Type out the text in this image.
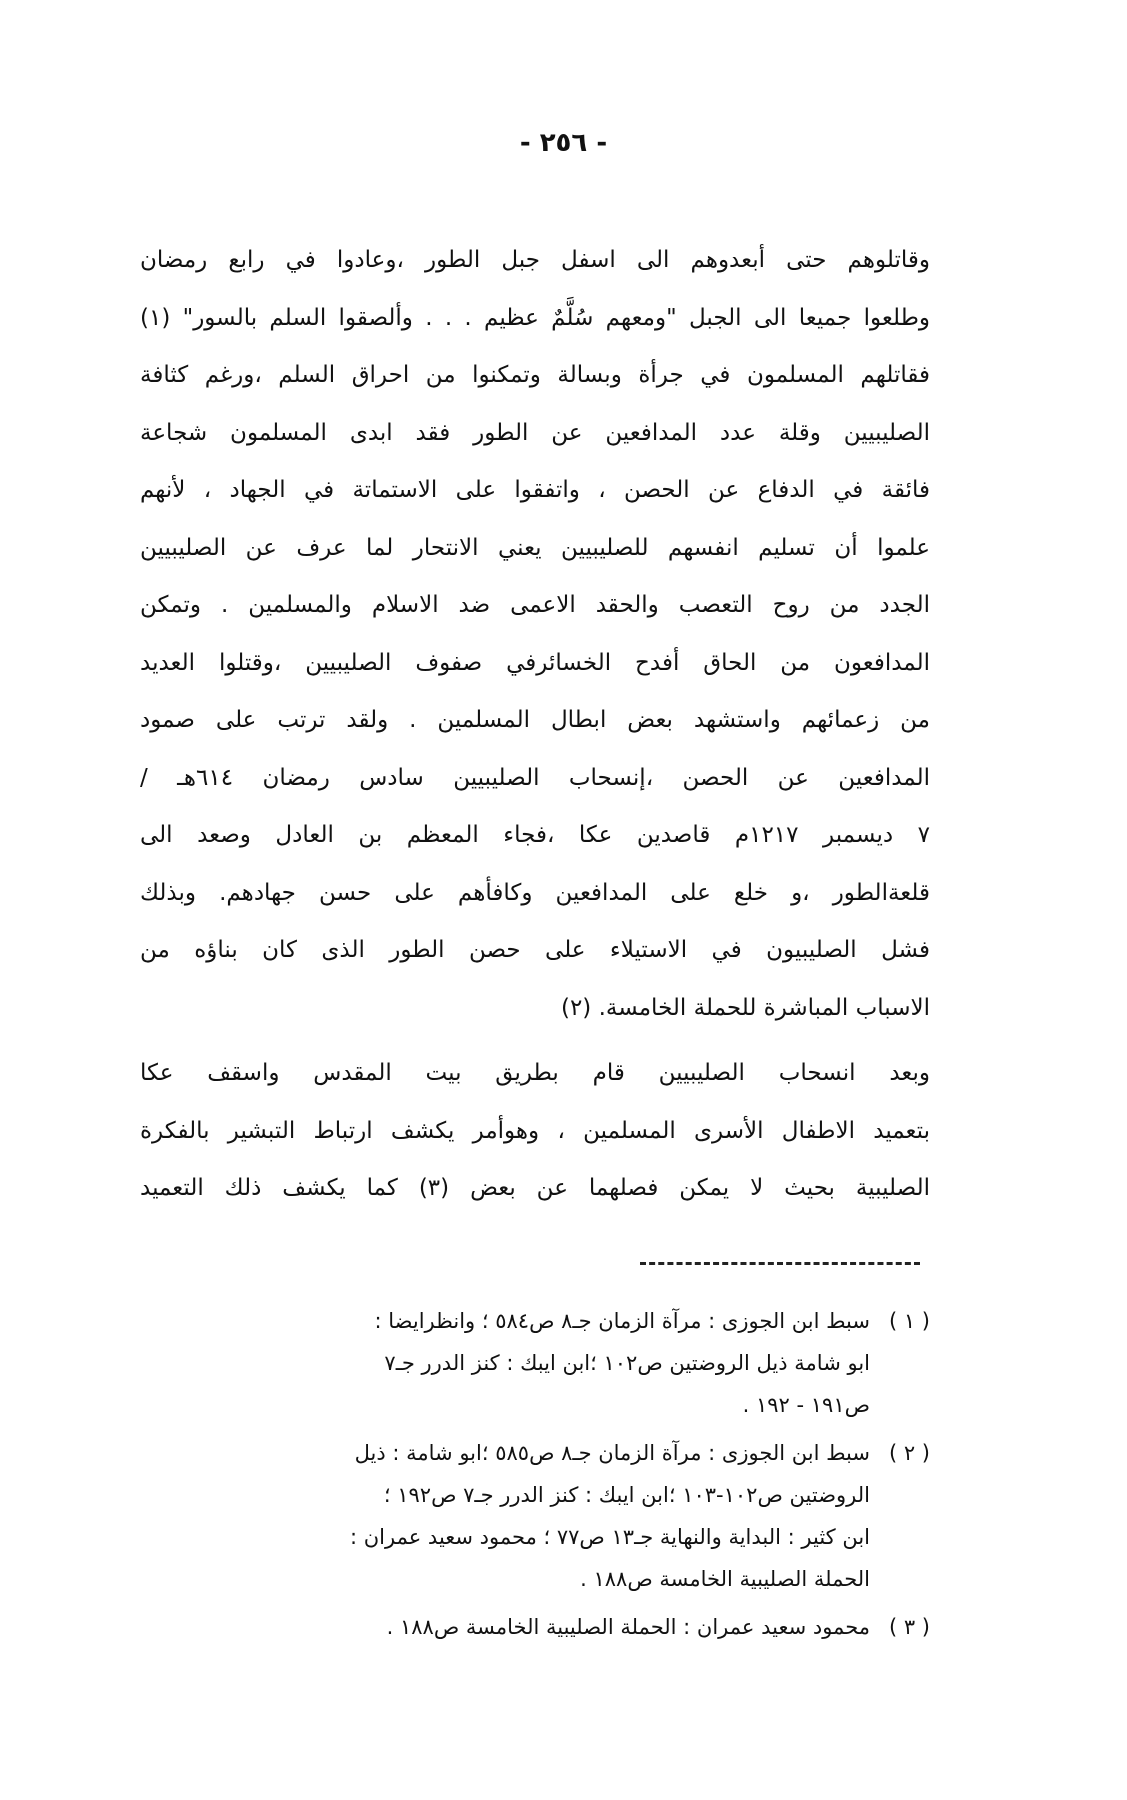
- ٢٥٦ -
وقاتلوهم حتى أبعدوهم الى اسفل جبل الطور ،وعادوا في رابع رمضان
وطلعوا جميعا الى الجبل "ومعهم سُلَّمٌ عظيم . . . وألصقوا السلم بالسور" (١)
فقاتلهم المسلمون في جرأة وبسالة وتمكنوا من احراق السلم ،ورغم كثافة
الصليبيين وقلة عدد المدافعين عن الطور فقد ابدى المسلمون شجاعة
فائقة في الدفاع عن الحصن ، واتفقوا على الاستماتة في الجهاد ، لأنهم
علموا أن تسليم انفسهم للصليبيين يعني الانتحار لما عرف عن الصليبيين
الجدد من روح التعصب والحقد الاعمى ضد الاسلام والمسلمين . وتمكن
المدافعون من الحاق أفدح الخسائرفي صفوف الصليبيين ،وقتلوا العديد
من زعمائهم واستشهد بعض ابطال المسلمين . ولقد ترتب على صمود
المدافعين عن الحصن ،إنسحاب الصليبيين سادس رمضان ٦١٤هـ /
٧ ديسمبر ١٢١٧م قاصدين عكا ،فجاء المعظم بن العادل وصعد الى
قلعةالطور ،و خلع على المدافعين وكافأهم على حسن جهادهم. وبذلك
فشل الصليبيون في الاستيلاء على حصن الطور الذى كان بناؤه من
الاسباب المباشرة للحملة الخامسة. (٢)
وبعد انسحاب الصليبيين قام بطريق بيت المقدس واسقف عكا
بتعميد الاطفال الأسرى المسلمين ، وهوأمر يكشف ارتباط التبشير بالفكرة
الصليبية بحيث لا يمكن فصلهما عن بعض (٣) كما يكشف ذلك التعميد
( ١ )
سبط ابن الجوزى : مرآة الزمان جـ٨ ص٥٨٤ ؛ وانظرايضا :
ابو شامة ذيل الروضتين ص١٠٢ ؛ابن ايبك : كنز الدرر جـ٧
ص١٩١ - ١٩٢ .
( ٢ )
سبط ابن الجوزى : مرآة الزمان جـ٨ ص٥٨٥ ؛ابو شامة : ذيل
الروضتين ص١٠٢-١٠٣ ؛ابن ايبك : كنز الدرر جـ٧ ص١٩٢ ؛
ابن كثير : البداية والنهاية جـ١٣ ص٧٧ ؛ محمود سعيد عمران :
الحملة الصليبية الخامسة ص١٨٨ .
( ٣ )
محمود سعيد عمران : الحملة الصليبية الخامسة ص١٨٨ .
